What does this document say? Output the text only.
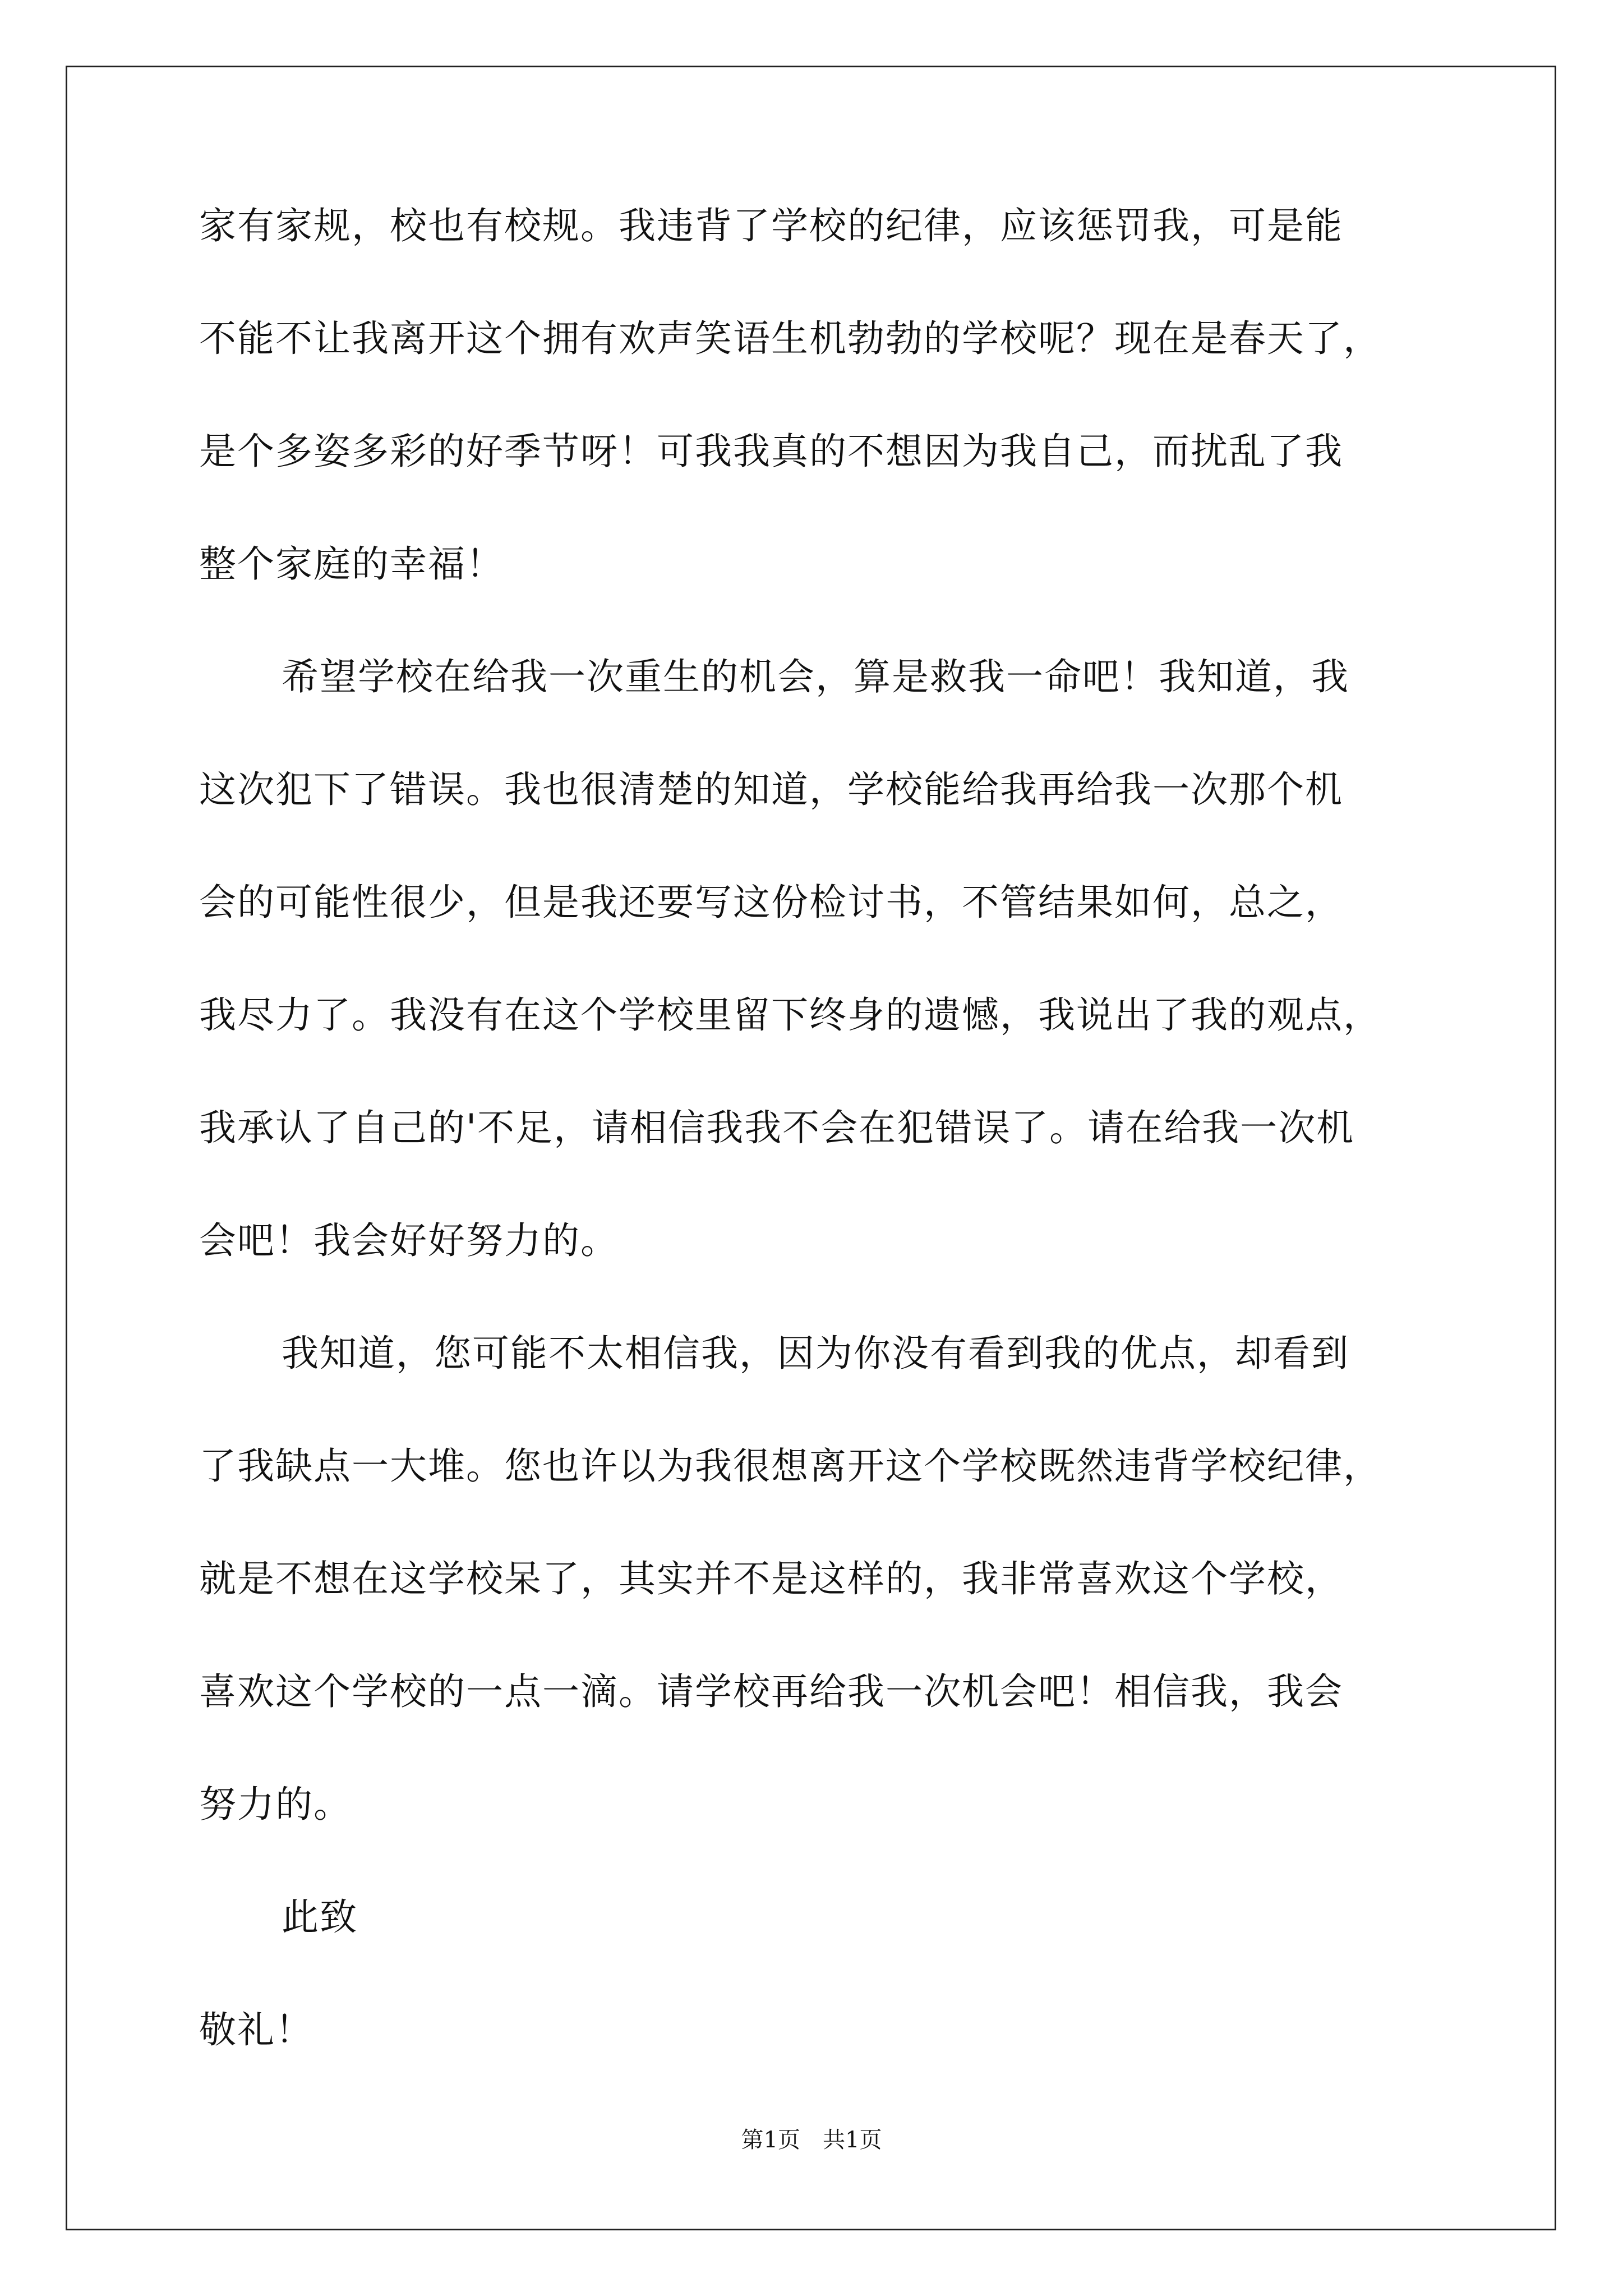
家有家规，校也有校规。我违背了学校的纪律，应该惩罚我，可是能

不能不让我离开这个拥有欢声笑语生机勃勃的学校呢？现在是春天了，

是个多姿多彩的好季节呀！可我我真的不想因为我自己，而扰乱了我

整个家庭的幸福！

希望学校在给我一次重生的机会，算是救我一命吧！我知道，我

这次犯下了错误。我也很清楚的知道，学校能给我再给我一次那个机

会的可能性很少，但是我还要写这份检讨书，不管结果如何，总之，

我尽力了。我没有在这个学校里留下终身的遗憾，我说出了我的观点，

我承认了自己的'不足，请相信我我不会在犯错误了。请在给我一次机

会吧！我会好好努力的。

我知道，您可能不太相信我，因为你没有看到我的优点，却看到

了我缺点一大堆。您也许以为我很想离开这个学校既然违背学校纪律，

就是不想在这学校呆了，其实并不是这样的，我非常喜欢这个学校，

喜欢这个学校的一点一滴。请学校再给我一次机会吧！相信我，我会

努力的。

此致

敬礼！

第1页　共1页
